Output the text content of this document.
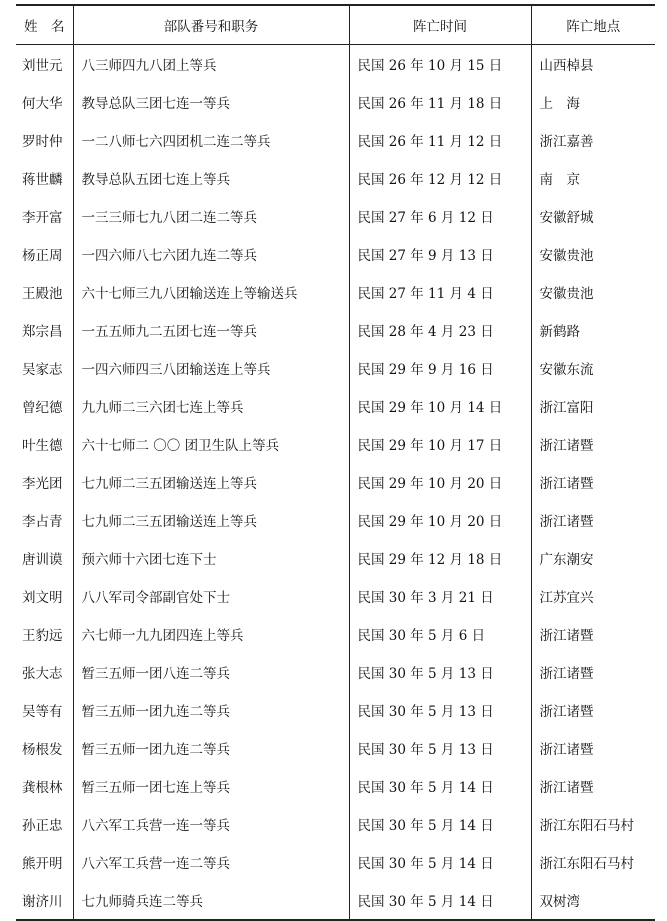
姓　名	部队番号和职务	阵亡时间	阵亡地点
刘世元	八三师四九八团上等兵	民国 26 年 10 月 15 日	山西棹县
何大华	教导总队三团七连一等兵	民国 26 年 11 月 18 日	上　海
罗时仲	一二八师七六四团机二连二等兵	民国 26 年 11 月 12 日	浙江嘉善
蒋世麟	教导总队五团七连上等兵	民国 26 年 12 月 12 日	南　京
李开富	一三三师七九八团二连二等兵	民国 27 年 6 月 12 日	安徽舒城
杨正周	一四六师八七六团九连二等兵	民国 27 年 9 月 13 日	安徽贵池
王殿池	六十七师三九八团输送连上等输送兵	民国 27 年 11 月 4 日	安徽贵池
郑宗昌	一五五师九二五团七连一等兵	民国 28 年 4 月 23 日	新鹤路
吴家志	一四六师四三八团输送连上等兵	民国 29 年 9 月 16 日	安徽东流
曾纪德	九九师二三六团七连上等兵	民国 29 年 10 月 14 日	浙江富阳
叶生德	六十七师二 〇〇 团卫生队上等兵	民国 29 年 10 月 17 日	浙江诸暨
李光团	七九师二三五团输送连上等兵	民国 29 年 10 月 20 日	浙江诸暨
李占青	七九师二三五团输送连上等兵	民国 29 年 10 月 20 日	浙江诸暨
唐训谟	预六师十六团七连下士	民国 29 年 12 月 18 日	广东潮安
刘文明	八八军司令部副官处下士	民国 30 年 3 月 21 日	江苏宜兴
王豹远	六七师一九九团四连上等兵	民国 30 年 5 月 6 日	浙江诸暨
张大志	暂三五师一团八连二等兵	民国 30 年 5 月 13 日	浙江诸暨
吴等有	暂三五师一团九连二等兵	民国 30 年 5 月 13 日	浙江诸暨
杨根发	暂三五师一团九连二等兵	民国 30 年 5 月 13 日	浙江诸暨
龚根林	暂三五师一团七连上等兵	民国 30 年 5 月 14 日	浙江诸暨
孙正忠	八六军工兵营一连一等兵	民国 30 年 5 月 14 日	浙江东阳石马村
熊开明	八六军工兵营一连二等兵	民国 30 年 5 月 14 日	浙江东阳石马村
谢济川	七九师骑兵连二等兵	民国 30 年 5 月 14 日	双树湾
